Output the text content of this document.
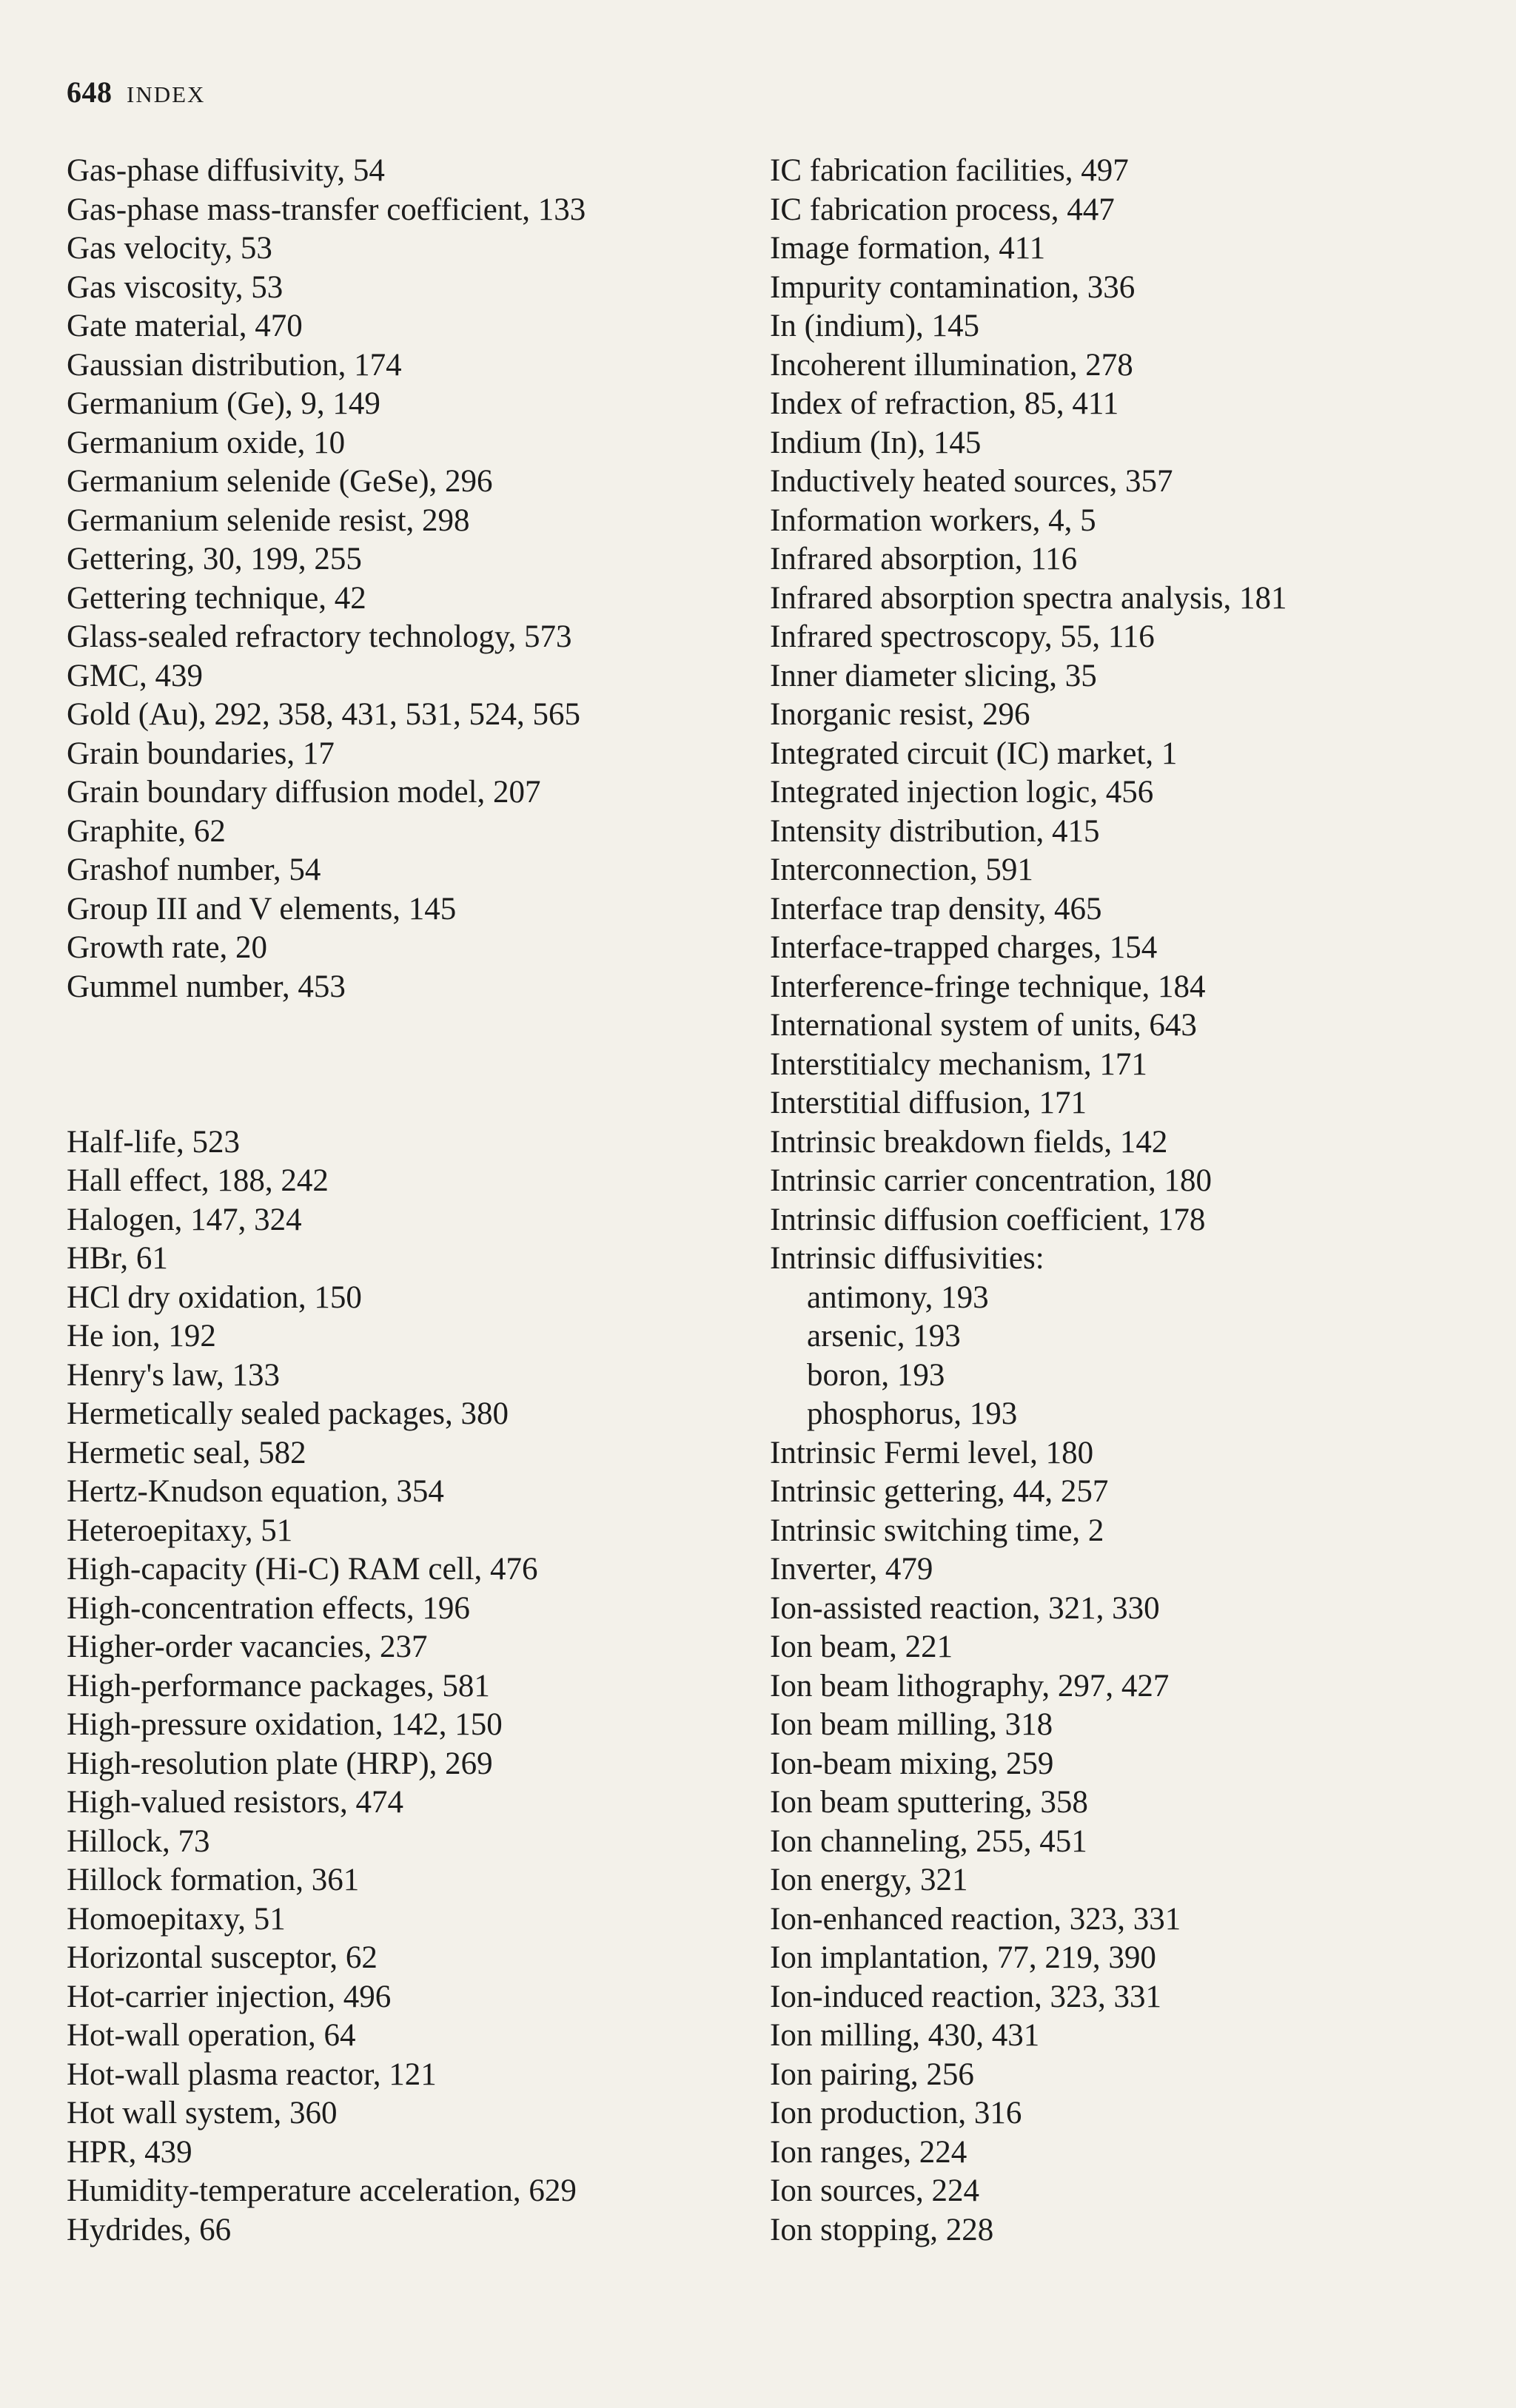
648 INDEX
Gas-phase diffusivity, 54
Gas-phase mass-transfer coefficient, 133
Gas velocity, 53
Gas viscosity, 53
Gate material, 470
Gaussian distribution, 174
Germanium (Ge), 9, 149
Germanium oxide, 10
Germanium selenide (GeSe), 296
Germanium selenide resist, 298
Gettering, 30, 199, 255
Gettering technique, 42
Glass-sealed refractory technology, 573
GMC, 439
Gold (Au), 292, 358, 431, 531, 524, 565
Grain boundaries, 17
Grain boundary diffusion model, 207
Graphite, 62
Grashof number, 54
Group III and V elements, 145
Growth rate, 20
Gummel number, 453
Half-life, 523
Hall effect, 188, 242
Halogen, 147, 324
HBr, 61
HCl dry oxidation, 150
He ion, 192
Henry's law, 133
Hermetically sealed packages, 380
Hermetic seal, 582
Hertz-Knudson equation, 354
Heteroepitaxy, 51
High-capacity (Hi-C) RAM cell, 476
High-concentration effects, 196
Higher-order vacancies, 237
High-performance packages, 581
High-pressure oxidation, 142, 150
High-resolution plate (HRP), 269
High-valued resistors, 474
Hillock, 73
Hillock formation, 361
Homoepitaxy, 51
Horizontal susceptor, 62
Hot-carrier injection, 496
Hot-wall operation, 64
Hot-wall plasma reactor, 121
Hot wall system, 360
HPR, 439
Humidity-temperature acceleration, 629
Hydrides, 66
IC fabrication facilities, 497
IC fabrication process, 447
Image formation, 411
Impurity contamination, 336
In (indium), 145
Incoherent illumination, 278
Index of refraction, 85, 411
Indium (In), 145
Inductively heated sources, 357
Information workers, 4, 5
Infrared absorption, 116
Infrared absorption spectra analysis, 181
Infrared spectroscopy, 55, 116
Inner diameter slicing, 35
Inorganic resist, 296
Integrated circuit (IC) market, 1
Integrated injection logic, 456
Intensity distribution, 415
Interconnection, 591
Interface trap density, 465
Interface-trapped charges, 154
Interference-fringe technique, 184
International system of units, 643
Interstitialcy mechanism, 171
Interstitial diffusion, 171
Intrinsic breakdown fields, 142
Intrinsic carrier concentration, 180
Intrinsic diffusion coefficient, 178
Intrinsic diffusivities:
antimony, 193
arsenic, 193
boron, 193
phosphorus, 193
Intrinsic Fermi level, 180
Intrinsic gettering, 44, 257
Intrinsic switching time, 2
Inverter, 479
Ion-assisted reaction, 321, 330
Ion beam, 221
Ion beam lithography, 297, 427
Ion beam milling, 318
Ion-beam mixing, 259
Ion beam sputtering, 358
Ion channeling, 255, 451
Ion energy, 321
Ion-enhanced reaction, 323, 331
Ion implantation, 77, 219, 390
Ion-induced reaction, 323, 331
Ion milling, 430, 431
Ion pairing, 256
Ion production, 316
Ion ranges, 224
Ion sources, 224
Ion stopping, 228
